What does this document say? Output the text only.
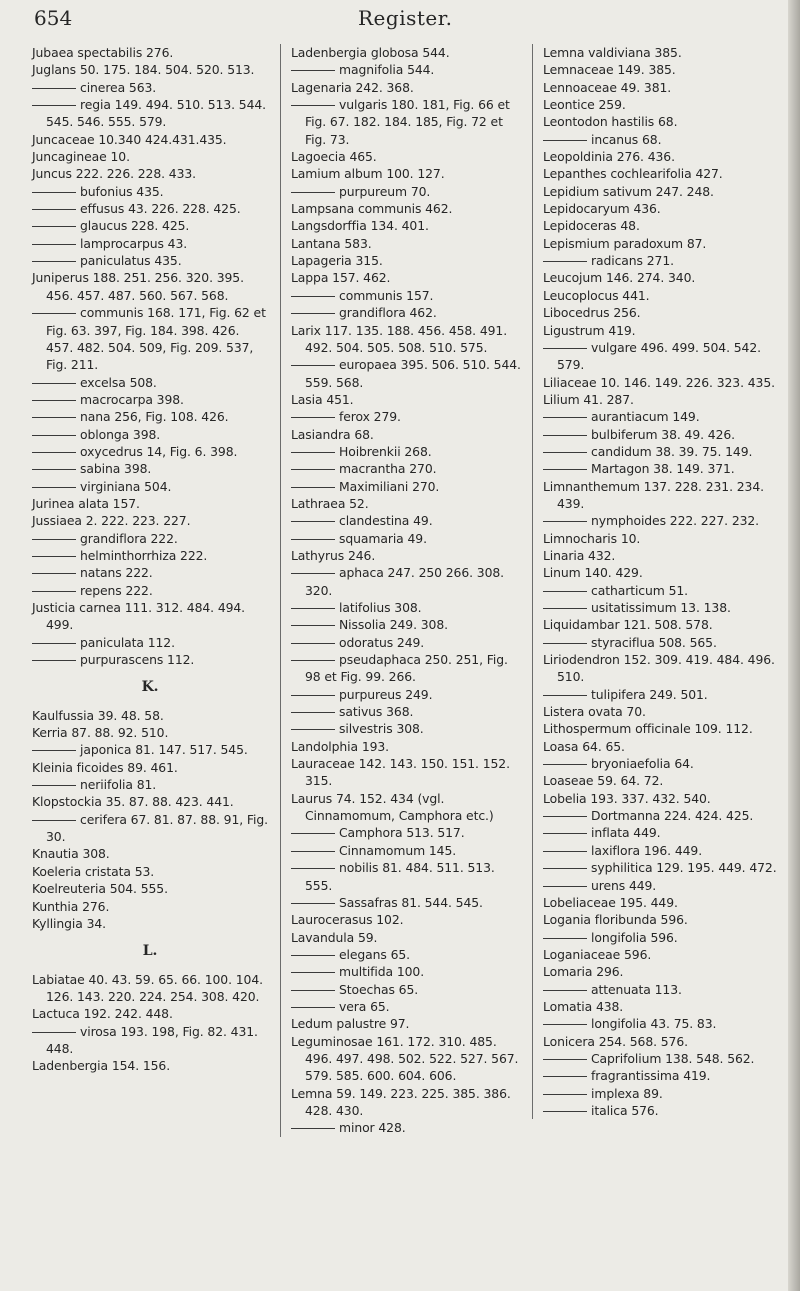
654	Register.

Jubaea spectabilis 276.

Juglans 50. 175. 184. 504. 520. 513.

cinerea 563.

regia 149. 494. 510. 513. 544. 545. 546. 555. 579.

Juncaceae 10.340 424.431.435.

Juncagineae 10.

Juncus 222. 226. 228. 433.

bufonius 435.

effusus 43. 226. 228. 425.

glaucus 228. 425.

lamprocarpus 43.

paniculatus 435.

Juniperus 188. 251. 256. 320. 395. 456. 457. 487. 560. 567. 568.

communis 168. 171, Fig. 62 et Fig. 63. 397, Fig. 184. 398. 426. 457. 482. 504. 509, Fig. 209. 537, Fig. 211.

excelsa 508.

macrocarpa 398.

nana 256, Fig. 108. 426.

oblonga 398.

oxycedrus 14, Fig. 6. 398.

sabina 398.

virginiana 504.

Jurinea alata 157.

Jussiaea 2. 222. 223. 227.

grandiflora 222.

helminthorrhiza 222.

natans 222.

repens 222.

Justicia carnea 111. 312. 484. 494. 499.

paniculata 112.

purpurascens 112.

K.

Kaulfussia 39. 48. 58.

Kerria 87. 88. 92. 510.

japonica 81. 147. 517. 545.

Kleinia ficoides 89. 461.

neriifolia 81.

Klopstockia 35. 87. 88. 423. 441.

cerifera 67. 81. 87. 88. 91, Fig. 30.

Knautia 308.

Koeleria cristata 53.

Koelreuteria 504. 555.

Kunthia 276.

Kyllingia 34.

L.

Labiatae 40. 43. 59. 65. 66. 100. 104. 126. 143. 220. 224. 254. 308. 420.

Lactuca 192. 242. 448.

virosa 193. 198, Fig. 82. 431. 448.

Ladenbergia 154. 156.

Ladenbergia globosa 544.

magnifolia 544.

Lagenaria 242. 368.

vulgaris 180. 181, Fig. 66 et Fig. 67. 182. 184. 185, Fig. 72 et Fig. 73.

Lagoecia 465.

Lamium album 100. 127.

purpureum 70.

Lampsana communis 462.

Langsdorffia 134. 401.

Lantana 583.

Lapageria 315.

Lappa 157. 462.

communis 157.

grandiflora 462.

Larix 117. 135. 188. 456. 458. 491. 492. 504. 505. 508. 510. 575.

europaea 395. 506. 510. 544. 559. 568.

Lasia 451.

ferox 279.

Lasiandra 68.

Hoibrenkii 268.

macrantha 270.

Maximiliani 270.

Lathraea 52.

clandestina 49.

squamaria 49.

Lathyrus 246.

aphaca 247. 250 266. 308. 320.

latifolius 308.

Nissolia 249. 308.

odoratus 249.

pseudaphaca 250. 251, Fig. 98 et Fig. 99. 266.

purpureus 249.

sativus 368.

silvestris 308.

Landolphia 193.

Lauraceae 142. 143. 150. 151. 152. 315.

Laurus 74. 152. 434 (vgl. Cinnamomum, Camphora etc.)

Camphora 513. 517.

Cinnamomum 145.

nobilis 81. 484. 511. 513. 555.

Sassafras 81. 544. 545.

Laurocerasus 102.

Lavandula 59.

elegans 65.

multifida 100.

Stoechas 65.

vera 65.

Ledum palustre 97.

Leguminosae 161. 172. 310. 485. 496. 497. 498. 502. 522. 527. 567. 579. 585. 600. 604. 606.

Lemna 59. 149. 223. 225. 385. 386. 428. 430.

minor 428.

Lemna valdiviana 385.

Lemnaceae 149. 385.

Lennoaceae 49. 381.

Leontice 259.

Leontodon hastilis 68.

incanus 68.

Leopoldinia 276. 436.

Lepanthes cochlearifolia 427.

Lepidium sativum 247. 248.

Lepidocaryum 436.

Lepidoceras 48.

Lepismium paradoxum 87.

radicans 271.

Leucojum 146. 274. 340.

Leucoplocus 441.

Libocedrus 256.

Ligustrum 419.

vulgare 496. 499. 504. 542. 579.

Liliaceae 10. 146. 149. 226. 323. 435.

Lilium 41. 287.

aurantiacum 149.

bulbiferum 38. 49. 426.

candidum 38. 39. 75. 149.

Martagon 38. 149. 371.

Limnanthemum 137. 228. 231. 234. 439.

nymphoides 222. 227. 232.

Limnocharis 10.

Linaria 432.

Linum 140. 429.

catharticum 51.

usitatissimum 13. 138.

Liquidambar 121. 508. 578.

styraciflua 508. 565.

Liriodendron 152. 309. 419. 484. 496. 510.

tulipifera 249. 501.

Listera ovata 70.

Lithospermum officinale 109. 112.

Loasa 64. 65.

bryoniaefolia 64.

Loaseae 59. 64. 72.

Lobelia 193. 337. 432. 540.

Dortmanna 224. 424. 425.

inflata 449.

laxiflora 196. 449.

syphilitica 129. 195. 449. 472.

urens 449.

Lobeliaceae 195. 449.

Logania floribunda 596.

longifolia 596.

Loganiaceae 596.

Lomaria 296.

attenuata 113.

Lomatia 438.

longifolia 43. 75. 83.

Lonicera 254. 568. 576.

Caprifolium 138. 548. 562.

fragrantissima 419.

implexa 89.

italica 576.
